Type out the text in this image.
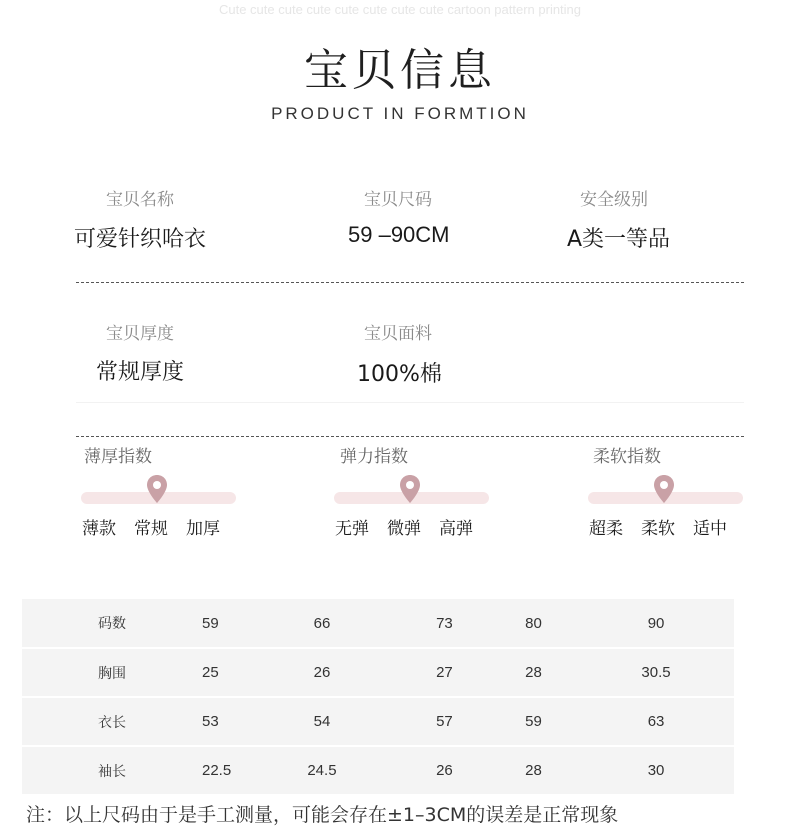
Cute cute cute cute cute cute cute cute cartoon pattern printing
宝贝信息
PRODUCT IN FORMTION
宝贝名称
可爱针织哈衣
宝贝尺码
59 –90CM
安全级别
A类一等品
宝贝厚度
常规厚度
宝贝面料
100%棉
薄厚指数
薄款 常规 加厚
弹力指数
无弹 微弹 高弹
柔软指数
超柔 柔软 适中
码数	59	66	73	80	90
胸围	25	26	27	28	30.5
衣长	53	54	57	59	63
袖长	22.5	24.5	26	28	30
注：以上尺码由于是手工测量，可能会存在±1–3CM的误差是正常现象
